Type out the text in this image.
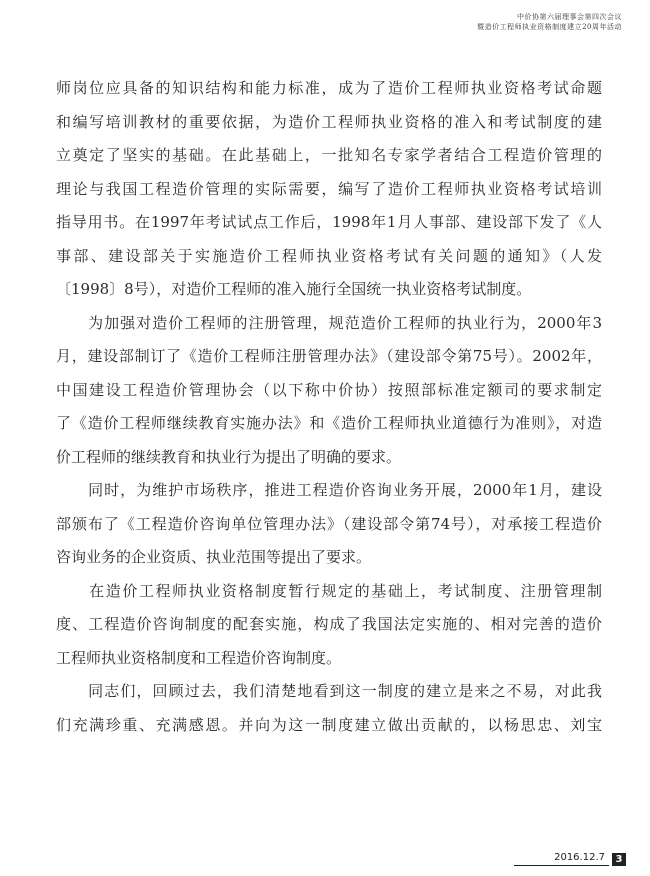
中价协第六届理事会第四次会议
暨造价工程师执业资格制度建立20周年活动

师岗位应具备的知识结构和能力标准，成为了造价工程师执业资格考试命题

和编写培训教材的重要依据，为造价工程师执业资格的准入和考试制度的建

立奠定了坚实的基础。在此基础上，一批知名专家学者结合工程造价管理的

理论与我国工程造价管理的实际需要，编写了造价工程师执业资格考试培训

指导用书。在1997年考试试点工作后，1998年1月人事部、建设部下发了《人

事部、建设部关于实施造价工程师执业资格考试有关问题的通知》（人发

〔1998〕8号），对造价工程师的准入施行全国统一执业资格考试制度。

　　为加强对造价工程师的注册管理，规范造价工程师的执业行为，2000年3

月，建设部制订了《造价工程师注册管理办法》（建设部令第75号）。2002年，

中国建设工程造价管理协会（以下称中价协）按照部标准定额司的要求制定

了《造价工程师继续教育实施办法》和《造价工程师执业道德行为准则》，对造

价工程师的继续教育和执业行为提出了明确的要求。

　　同时，为维护市场秩序，推进工程造价咨询业务开展，2000年1月，建设

部颁布了《工程造价咨询单位管理办法》（建设部令第74号），对承接工程造价

咨询业务的企业资质、执业范围等提出了要求。

　　在造价工程师执业资格制度暂行规定的基础上，考试制度、注册管理制

度、工程造价咨询制度的配套实施，构成了我国法定实施的、相对完善的造价

工程师执业资格制度和工程造价咨询制度。

　　同志们，回顾过去，我们清楚地看到这一制度的建立是来之不易，对此我

们充满珍重、充满感恩。并向为这一制度建立做出贡献的，以杨思忠、刘宝

2016.12.7	3
